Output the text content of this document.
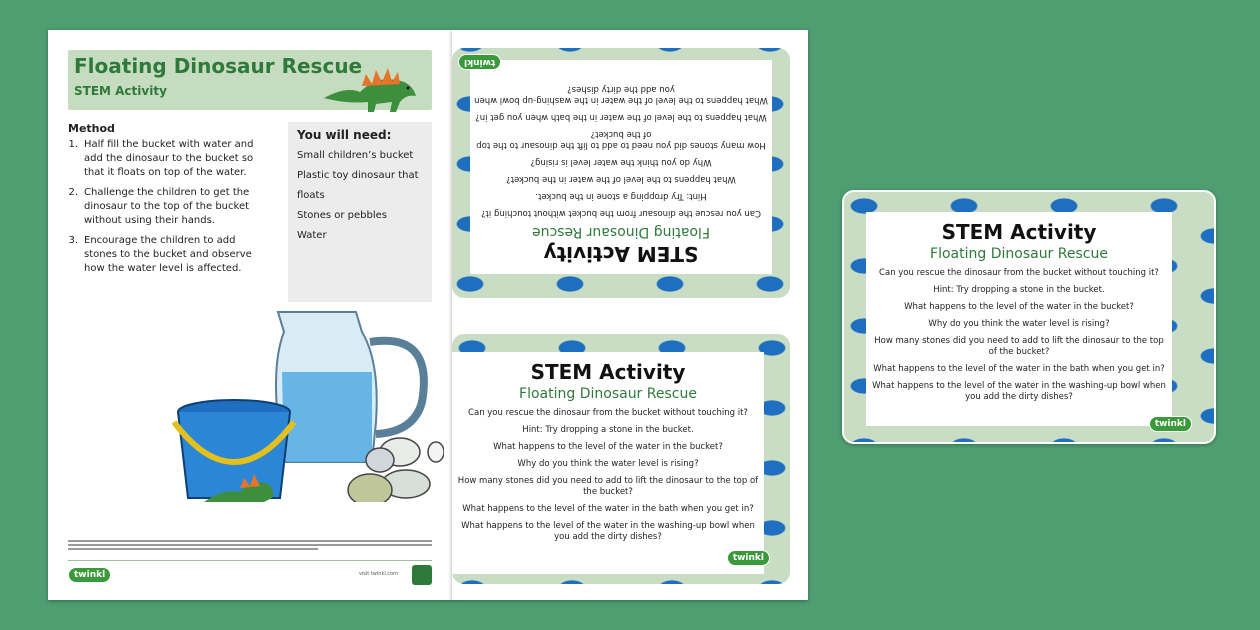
Floating Dinosaur Rescue
STEM Activity
Method
1. Half fill the bucket with water and add the dinosaur to the bucket so that it floats on top of the water.
2. Challenge the children to get the dinosaur to the top of the bucket without using their hands.
3. Encourage the children to add stones to the bucket and observe how the water level is affected.
You will need:
Small children’s bucket
Plastic toy dinosaur that floats
Stones or pebbles
Water
twinkl	visit twinkl.com
STEM Activity
Floating Dinosaur Rescue
Can you rescue the dinosaur from the bucket without touching it?
Hint: Try dropping a stone in the bucket.
What happens to the level of the water in the bucket?
Why do you think the water level is rising?
How many stones did you need to add to lift the dinosaur to the top of the bucket?
What happens to the level of the water in the bath when you get in?
What happens to the level of the water in the washing-up bowl when you add the dirty dishes?
twinkl
STEM Activity
Floating Dinosaur Rescue
Can you rescue the dinosaur from the bucket without touching it?
Hint: Try dropping a stone in the bucket.
What happens to the level of the water in the bucket?
Why do you think the water level is rising?
How many stones did you need to add to lift the dinosaur to the top of the bucket?
What happens to the level of the water in the bath when you get in?
What happens to the level of the water in the washing-up bowl when you add the dirty dishes?
twinkl
STEM Activity
Floating Dinosaur Rescue
Can you rescue the dinosaur from the bucket without touching it?
Hint: Try dropping a stone in the bucket.
What happens to the level of the water in the bucket?
Why do you think the water level is rising?
How many stones did you need to add to lift the dinosaur to the top of the bucket?
What happens to the level of the water in the bath when you get in?
What happens to the level of the water in the washing-up bowl when you add the dirty dishes?
twinkl
